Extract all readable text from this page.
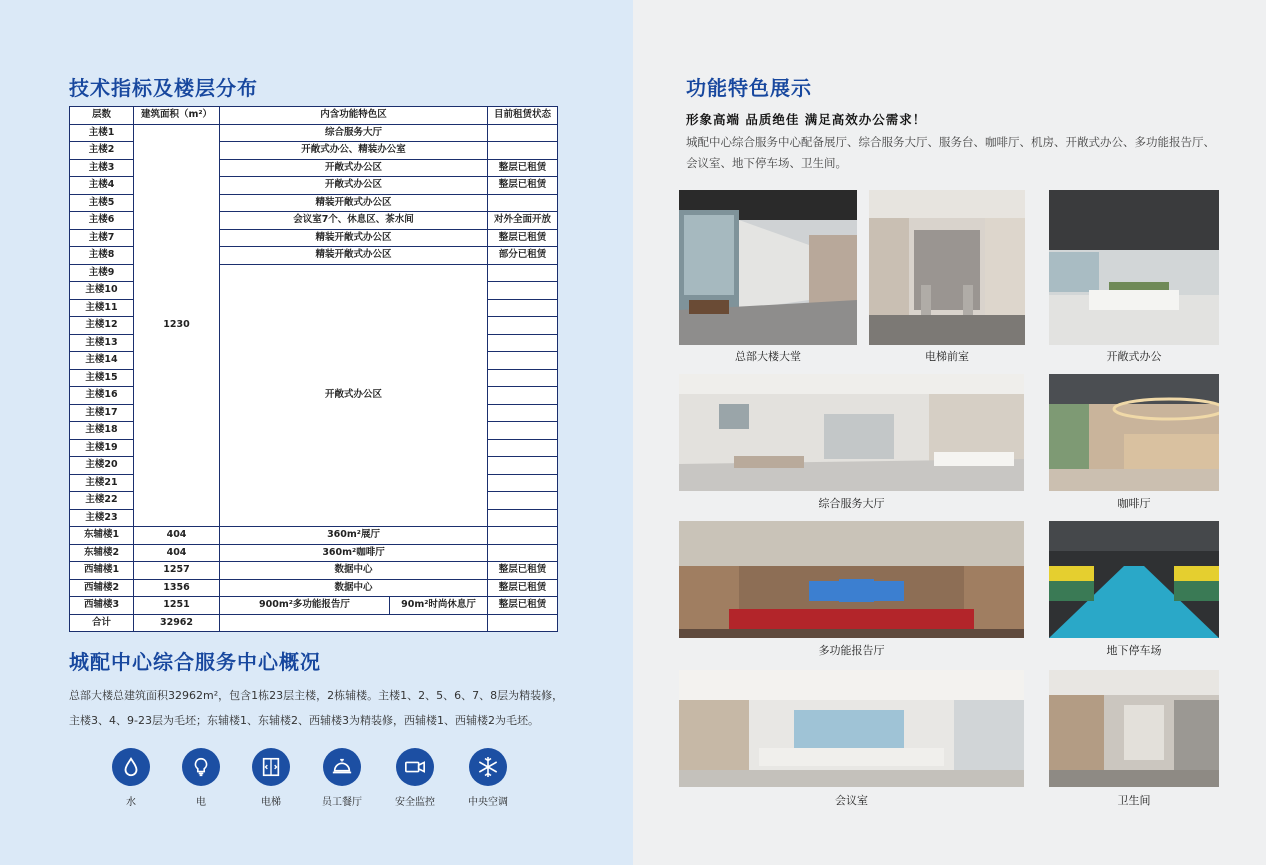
技术指标及楼层分布
层数	建筑面积（m²）	内含功能特色区		目前租赁状态
主楼1	1230	综合服务大厅		
主楼2		开敞式办公、精装办公室		
主楼3		开敞式办公区		整层已租赁
主楼4		开敞式办公区		整层已租赁
主楼5		精装开敞式办公区		
主楼6		会议室7个、休息区、茶水间		对外全面开放
主楼7		精装开敞式办公区		整层已租赁
主楼8		精装开敞式办公区		部分已租赁
主楼9		开敞式办公区		
主楼10				
主楼11				
主楼12				
主楼13				
主楼14				
主楼15				
主楼16				
主楼17				
主楼18				
主楼19				
主楼20				
主楼21				
主楼22				
主楼23				
东辅楼1	404	360m²展厅		
东辅楼2	404	360m²咖啡厅		
西辅楼1	1257	数据中心		整层已租赁
西辅楼2	1356	数据中心		整层已租赁
西辅楼3	1251	900m²多功能报告厅	90m²时尚休息厅	整层已租赁
合计	32962			
城配中心综合服务中心概况
总部大楼总建筑面积32962m²，包含1栋23层主楼，2栋辅楼。主楼1、2、5、6、7、8层为精装修，
主楼3、4、9-23层为毛坯；东辅楼1、东辅楼2、西辅楼3为精装修，西辅楼1、西辅楼2为毛坯。
水	电	电梯	员工餐厅	安全监控	中央空调
功能特色展示
形象高端 品质绝佳 满足高效办公需求！
城配中心综合服务中心配备展厅、综合服务大厅、服务台、咖啡厅、机房、开敞式办公、多功能报告厅、会议室、地下停车场、卫生间。
总部大楼大堂	电梯前室	开敞式办公
综合服务大厅	咖啡厅
多功能报告厅	地下停车场
会议室	卫生间
